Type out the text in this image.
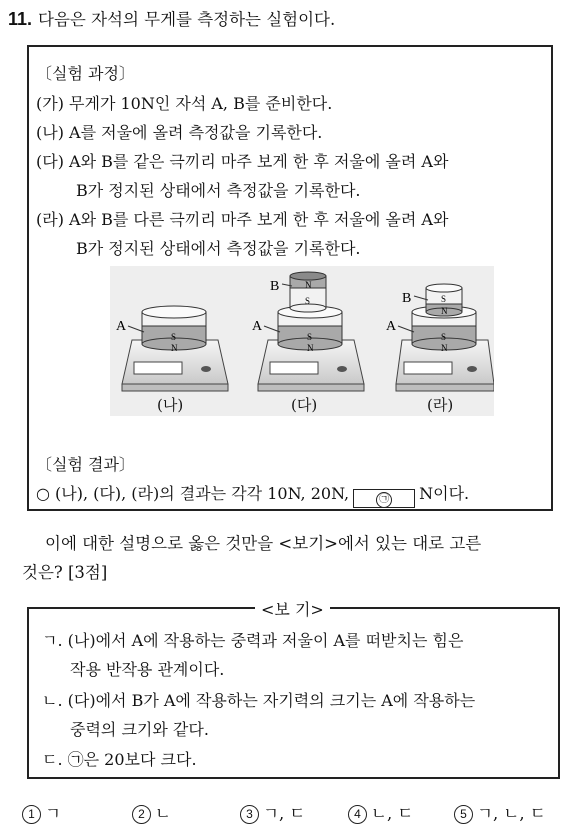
11. 다음은 자석의 무게를 측정하는 실험이다.
〔실험 과정〕
(가) 무게가 10N인 자석 A, B를 준비한다.
(나) A를 저울에 올려 측정값을 기록한다.
(다) A와 B를 같은 극끼리 마주 보게 한 후 저울에 올려 A와
B가 정지된 상태에서 측정값을 기록한다.
(라) A와 B를 다른 극끼리 마주 보게 한 후 저울에 올려 A와
B가 정지된 상태에서 측정값을 기록한다.
S
N
A
S
N
N
S
A
B
S
N
S
N
A
B
(나)	(다)	(라)
〔실험 결과〕
○ (나), (다), (라)의 결과는 각각 10N, 20N,	㉠ N이다.
이에 대한 설명으로 옳은 것만을 <보기>에서 있는 대로 고른
것은? [3점]
<보 기>
ㄱ. (나)에서 A에 작용하는 중력과 저울이 A를 떠받치는 힘은
작용 반작용 관계이다.
ㄴ. (다)에서 B가 A에 작용하는 자기력의 크기는 A에 작용하는
중력의 크기와 같다.
ㄷ. ㉠은 20보다 크다.
1 ㄱ	2 ㄴ	3 ㄱ, ㄷ	4 ㄴ, ㄷ	5 ㄱ, ㄴ, ㄷ
